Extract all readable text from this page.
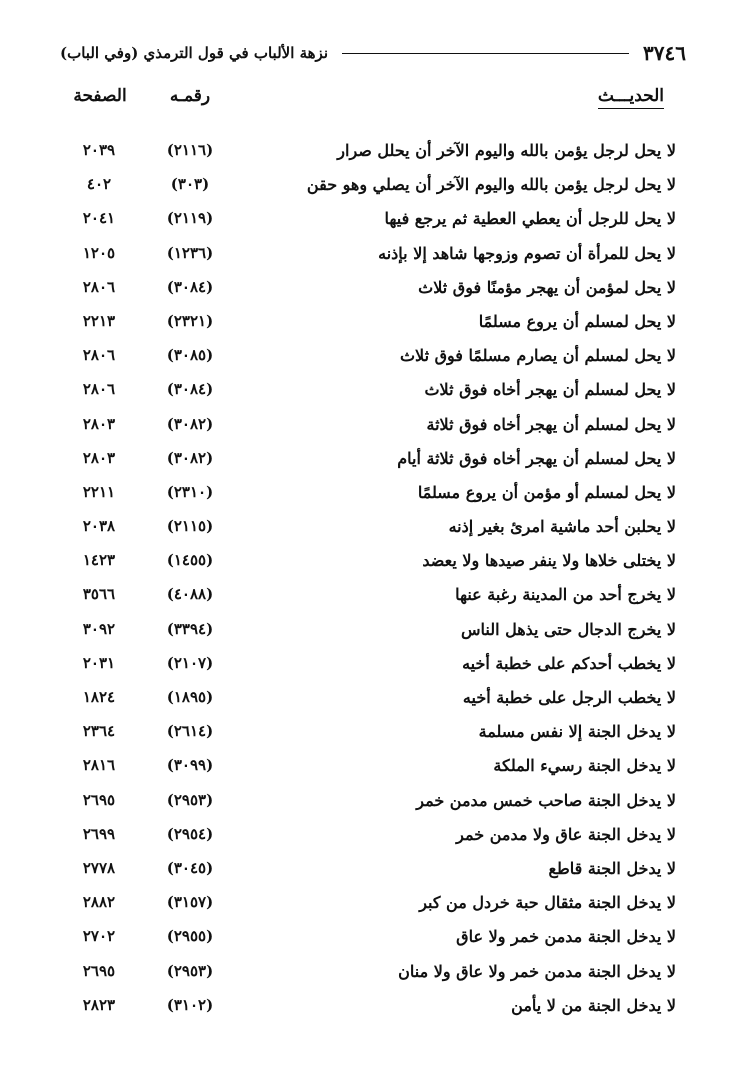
نزهة الألباب في قول الترمذي (وفي الباب)	٣٧٤٦
الحديـــث
رقمـه
الصفحة
لا يحل لرجل يؤمن بالله واليوم الآخر أن يحلل صرار
(٢١١٦)
٢٠٣٩
لا يحل لرجل يؤمن بالله واليوم الآخر أن يصلي وهو حقن
(٣٠٣)
٤٠٢
لا يحل للرجل أن يعطي العطية ثم يرجع فيها
(٢١١٩)
٢٠٤١
لا يحل للمرأة أن تصوم وزوجها شاهد إلا بإذنه
(١٢٣٦)
١٢٠٥
لا يحل لمؤمن أن يهجر مؤمنًا فوق ثلاث
(٣٠٨٤)
٢٨٠٦
لا يحل لمسلم أن يروع مسلمًا
(٢٣٢١)
٢٢١٣
لا يحل لمسلم أن يصارم مسلمًا فوق ثلاث
(٣٠٨٥)
٢٨٠٦
لا يحل لمسلم أن يهجر أخاه فوق ثلاث
(٣٠٨٤)
٢٨٠٦
لا يحل لمسلم أن يهجر أخاه فوق ثلاثة
(٣٠٨٢)
٢٨٠٣
لا يحل لمسلم أن يهجر أخاه فوق ثلاثة أيام
(٣٠٨٢)
٢٨٠٣
لا يحل لمسلم أو مؤمن أن يروع مسلمًا
(٢٣١٠)
٢٢١١
لا يحلبن أحد ماشية امرئ بغير إذنه
(٢١١٥)
٢٠٣٨
لا يختلى خلاها ولا ينفر صيدها ولا يعضد
(١٤٥٥)
١٤٢٣
لا يخرج أحد من المدينة رغبة عنها
(٤٠٨٨)
٣٥٦٦
لا يخرج الدجال حتى يذهل الناس
(٣٣٩٤)
٣٠٩٢
لا يخطب أحدكم على خطبة أخيه
(٢١٠٧)
٢٠٣١
لا يخطب الرجل على خطبة أخيه
(١٨٩٥)
١٨٢٤
لا يدخل الجنة إلا نفس مسلمة
(٢٦١٤)
٢٣٦٤
لا يدخل الجنة رسيء الملكة
(٣٠٩٩)
٢٨١٦
لا يدخل الجنة صاحب خمس مدمن خمر
(٢٩٥٣)
٢٦٩٥
لا يدخل الجنة عاق ولا مدمن خمر
(٢٩٥٤)
٢٦٩٩
لا يدخل الجنة قاطع
(٣٠٤٥)
٢٧٧٨
لا يدخل الجنة مثقال حبة خردل من كبر
(٣١٥٧)
٢٨٨٢
لا يدخل الجنة مدمن خمر ولا عاق
(٢٩٥٥)
٢٧٠٢
لا يدخل الجنة مدمن خمر ولا عاق ولا منان
(٢٩٥٣)
٢٦٩٥
لا يدخل الجنة من لا يأمن
(٣١٠٢)
٢٨٢٣
